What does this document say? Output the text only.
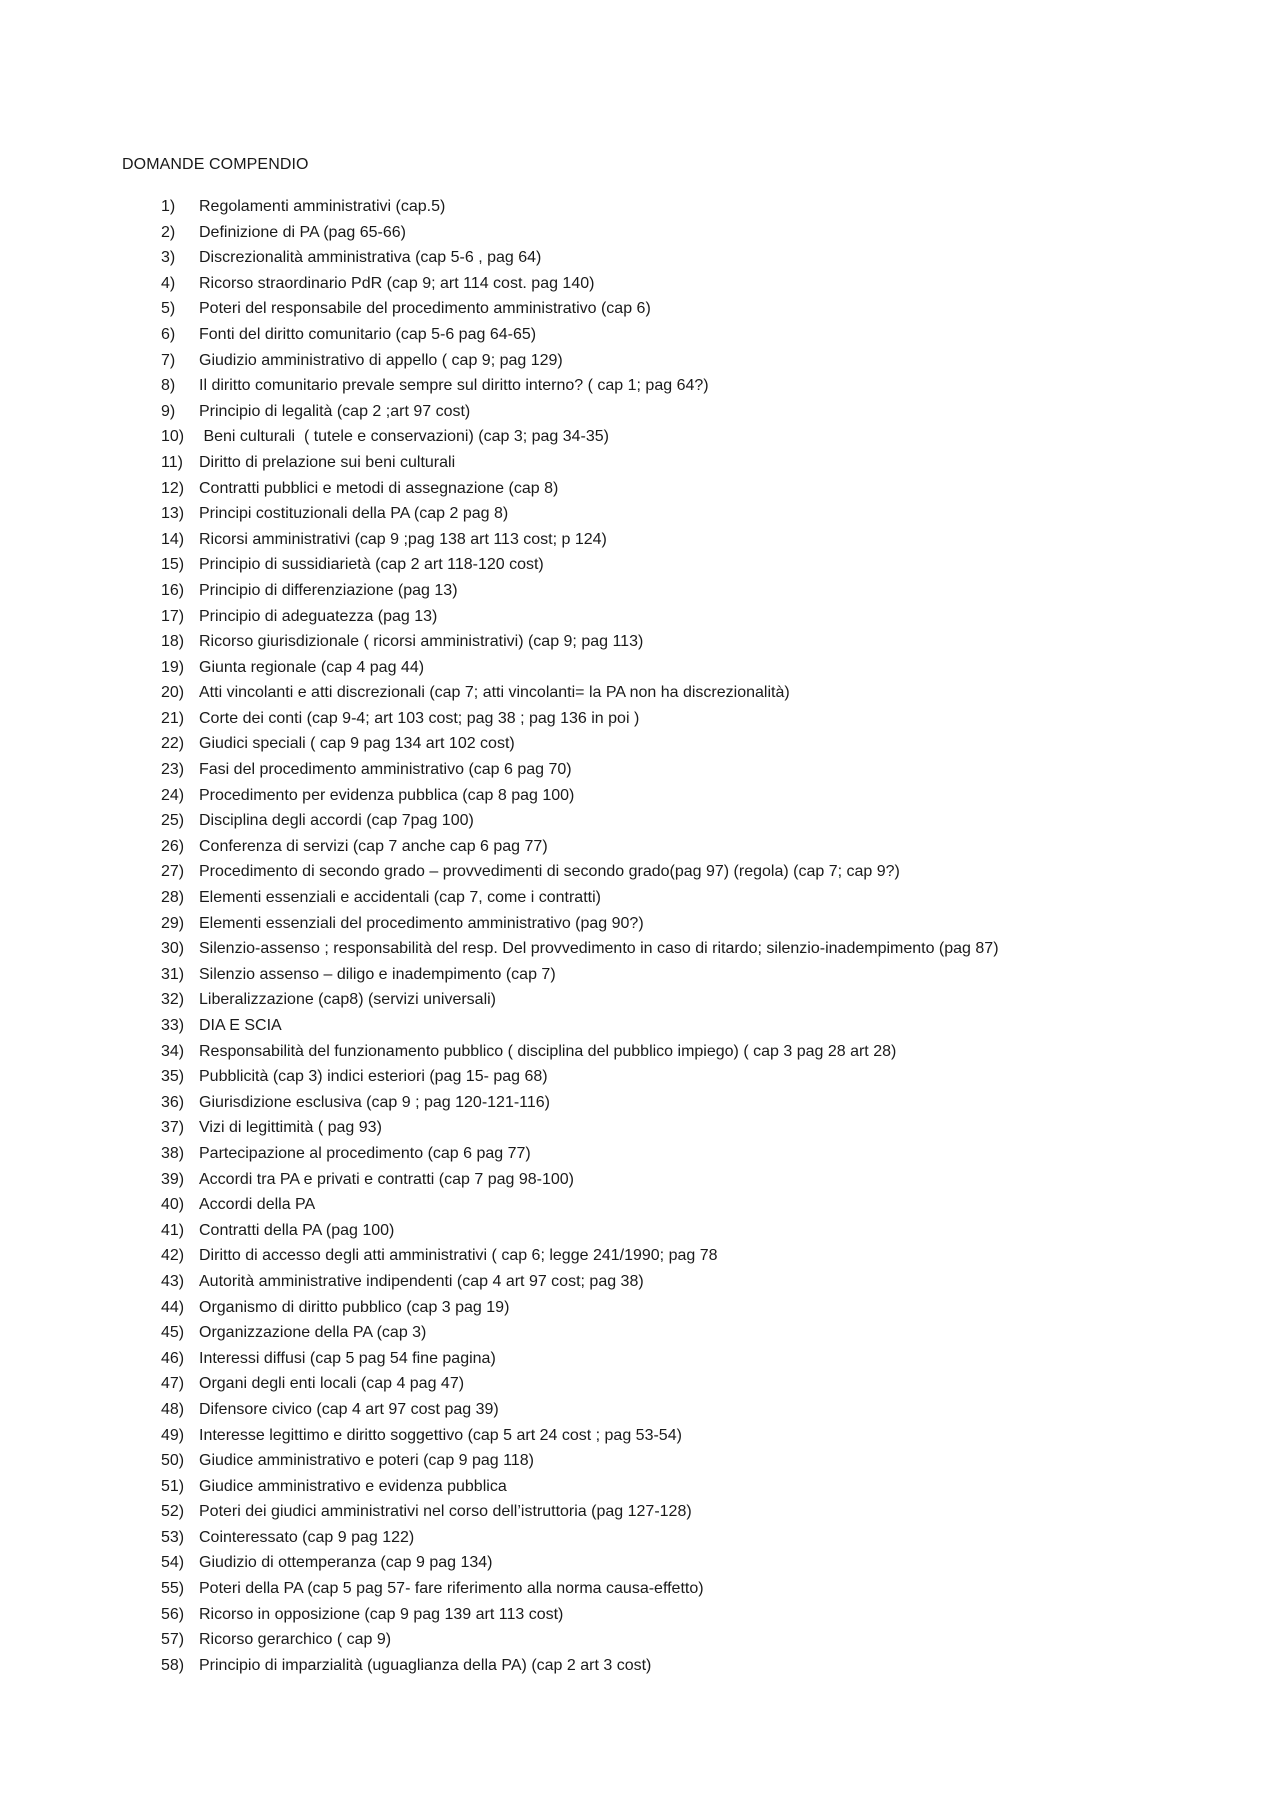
DOMANDE COMPENDIO
1)	Regolamenti amministrativi (cap.5)
2)	Definizione di PA (pag 65-66)
3)	Discrezionalità amministrativa (cap 5-6 , pag 64)
4)	Ricorso straordinario PdR (cap 9; art 114 cost. pag 140)
5)	Poteri del responsabile del procedimento amministrativo (cap 6)
6)	Fonti del diritto comunitario (cap 5-6 pag 64-65)
7)	Giudizio amministrativo di appello ( cap 9; pag 129)
8)	Il diritto comunitario prevale sempre sul diritto interno? ( cap 1; pag 64?)
9)	Principio di legalità (cap 2 ;art 97 cost)
10) Beni culturali  ( tutele e conservazioni) (cap 3; pag 34-35)
11)	Diritto di prelazione sui beni culturali
12) Contratti pubblici e metodi di assegnazione (cap 8)
13) Principi costituzionali della PA (cap 2 pag 8)
14) Ricorsi amministrativi (cap 9 ;pag 138 art 113 cost; p 124)
15) Principio di sussidiarietà (cap 2 art 118-120 cost)
16) Principio di differenziazione (pag 13)
17) Principio di adeguatezza (pag 13)
18) Ricorso giurisdizionale ( ricorsi amministrativi) (cap 9; pag 113)
19) Giunta regionale (cap 4 pag 44)
20) Atti vincolanti e atti discrezionali (cap 7; atti vincolanti= la PA non ha discrezionalità)
21) Corte dei conti (cap 9-4; art 103 cost; pag 38 ; pag 136 in poi )
22) Giudici speciali ( cap 9 pag 134 art 102 cost)
23) Fasi del procedimento amministrativo (cap 6 pag 70)
24) Procedimento per evidenza pubblica (cap 8 pag 100)
25) Disciplina degli accordi (cap 7pag 100)
26) Conferenza di servizi (cap 7 anche cap 6 pag 77)
27) Procedimento di secondo grado – provvedimenti di secondo grado(pag 97) (regola) (cap 7; cap 9?)
28) Elementi essenziali e accidentali (cap 7, come i contratti)
29) Elementi essenziali del procedimento amministrativo (pag 90?)
30) Silenzio-assenso ; responsabilità del resp. Del provvedimento in caso di ritardo; silenzio-inadempimento (pag 87)
31) Silenzio assenso – diligo e inadempimento (cap 7)
32) Liberalizzazione (cap8) (servizi universali)
33) DIA E SCIA
34) Responsabilità del funzionamento pubblico ( disciplina del pubblico impiego) ( cap 3 pag 28 art 28)
35) Pubblicità (cap 3) indici esteriori (pag 15- pag 68)
36) Giurisdizione esclusiva (cap 9 ; pag 120-121-116)
37) Vizi di legittimità ( pag 93)
38) Partecipazione al procedimento (cap 6 pag 77)
39) Accordi tra PA e privati e contratti (cap 7 pag 98-100)
40) Accordi della PA
41) Contratti della PA (pag 100)
42) Diritto di accesso degli atti amministrativi ( cap 6; legge 241/1990; pag 78
43) Autorità amministrative indipendenti (cap 4 art 97 cost; pag 38)
44) Organismo di diritto pubblico (cap 3 pag 19)
45) Organizzazione della PA (cap 3)
46) Interessi diffusi (cap 5 pag 54 fine pagina)
47) Organi degli enti locali (cap 4 pag 47)
48) Difensore civico (cap 4 art 97 cost pag 39)
49) Interesse legittimo e diritto soggettivo (cap 5 art 24 cost ; pag 53-54)
50) Giudice amministrativo e poteri (cap 9 pag 118)
51) Giudice amministrativo e evidenza pubblica
52) Poteri dei giudici amministrativi nel corso dell’istruttoria (pag 127-128)
53) Cointeressato (cap 9 pag 122)
54) Giudizio di ottemperanza (cap 9 pag 134)
55) Poteri della PA (cap 5 pag 57- fare riferimento alla norma causa-effetto)
56) Ricorso in opposizione (cap 9 pag 139 art 113 cost)
57) Ricorso gerarchico ( cap 9)
58) Principio di imparzialità (uguaglianza della PA) (cap 2 art 3 cost)
